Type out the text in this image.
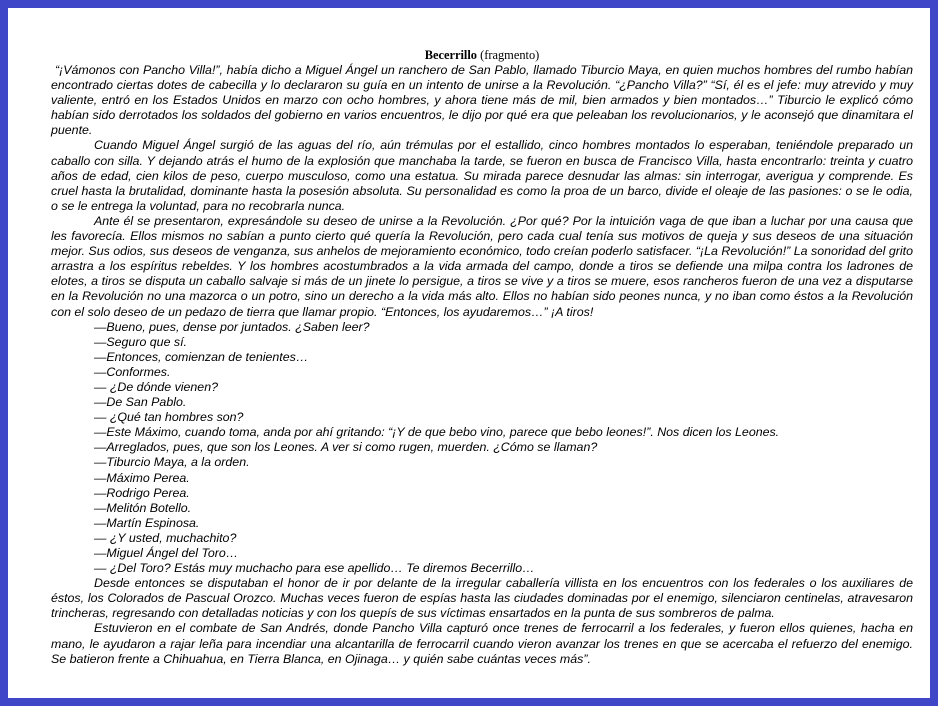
Becerrillo (fragmento)

“¡Vámonos con Pancho Villa!”, había dicho a Miguel Ángel un ranchero de San Pablo, llamado Tiburcio Maya, en quien muchos hombres del rumbo habían encontrado ciertas dotes de cabecilla y lo declararon su guía en un intento de unirse a la Revolución. “¿Pancho Villa?” “Sí, él es el jefe: muy atrevido y muy valiente, entró en los Estados Unidos en marzo con ocho hombres, y ahora tiene más de mil, bien armados y bien montados…” Tiburcio le explicó cómo habían sido derrotados los soldados del gobierno en varios encuentros, le dijo por qué era que peleaban los revolucionarios, y le aconsejó que dinamitara el puente.

Cuando Miguel Ángel surgió de las aguas del río, aún trémulas por el estallido, cinco hombres montados lo esperaban, teniéndole preparado un caballo con silla. Y dejando atrás el humo de la explosión que manchaba la tarde, se fueron en busca de Francisco Villa, hasta encontrarlo: treinta y cuatro años de edad, cien kilos de peso, cuerpo musculoso, como una estatua. Su mirada parece desnudar las almas: sin interrogar, averigua y comprende. Es cruel hasta la brutalidad, dominante hasta la posesión absoluta. Su personalidad es como la proa de un barco, divide el oleaje de las pasiones: o se le odia, o se le entrega la voluntad, para no recobrarla nunca.

Ante él se presentaron, expresándole su deseo de unirse a la Revolución. ¿Por qué? Por la intuición vaga de que iban a luchar por una causa que les favorecía. Ellos mismos no sabían a punto cierto qué quería la Revolución, pero cada cual tenía sus motivos de queja y sus deseos de una situación mejor. Sus odios, sus deseos de venganza, sus anhelos de mejoramiento económico, todo creían poderlo satisfacer. “¡La Revolución!” La sonoridad del grito arrastra a los espíritus rebeldes. Y los hombres acostumbrados a la vida armada del campo, donde a tiros se defiende una milpa contra los ladrones de elotes, a tiros se disputa un caballo salvaje si más de un jinete lo persigue, a tiros se vive y a tiros se muere, esos rancheros fueron de una vez a disputarse en la Revolución no una mazorca o un potro, sino un derecho a la vida más alto. Ellos no habían sido peones nunca, y no iban como éstos a la Revolución con el solo deseo de un pedazo de tierra que llamar propio. “Entonces, los ayudaremos…” ¡A tiros!

—Bueno, pues, dense por juntados. ¿Saben leer?

—Seguro que sí.

—Entonces, comienzan de tenientes…

—Conformes.

— ¿De dónde vienen?

—De San Pablo.

— ¿Qué tan hombres son?

—Este Máximo, cuando toma, anda por ahí gritando: “¡Y de que bebo vino, parece que bebo leones!”. Nos dicen los Leones.

—Arreglados, pues, que son los Leones. A ver si como rugen, muerden. ¿Cómo se llaman?

—Tiburcio Maya, a la orden.

—Máximo Perea.

—Rodrigo Perea.

—Melitón Botello.

—Martín Espinosa.

— ¿Y usted, muchachito?

—Miguel Ángel del Toro…

— ¿Del Toro? Estás muy muchacho para ese apellido… Te diremos Becerrillo…

Desde entonces se disputaban el honor de ir por delante de la irregular caballería villista en los encuentros con los federales o los auxiliares de éstos, los Colorados de Pascual Orozco. Muchas veces fueron de espías hasta las ciudades dominadas por el enemigo, silenciaron centinelas, atravesaron trincheras, regresando con detalladas noticias y con los quepís de sus víctimas ensartados en la punta de sus sombreros de palma.

Estuvieron en el combate de San Andrés, donde Pancho Villa capturó once trenes de ferrocarril a los federales, y fueron ellos quienes, hacha en mano, le ayudaron a rajar leña para incendiar una alcantarilla de ferrocarril cuando vieron avanzar los trenes en que se acercaba el refuerzo del enemigo. Se batieron frente a Chihuahua, en Tierra Blanca, en Ojinaga… y quién sabe cuántas veces más”.
